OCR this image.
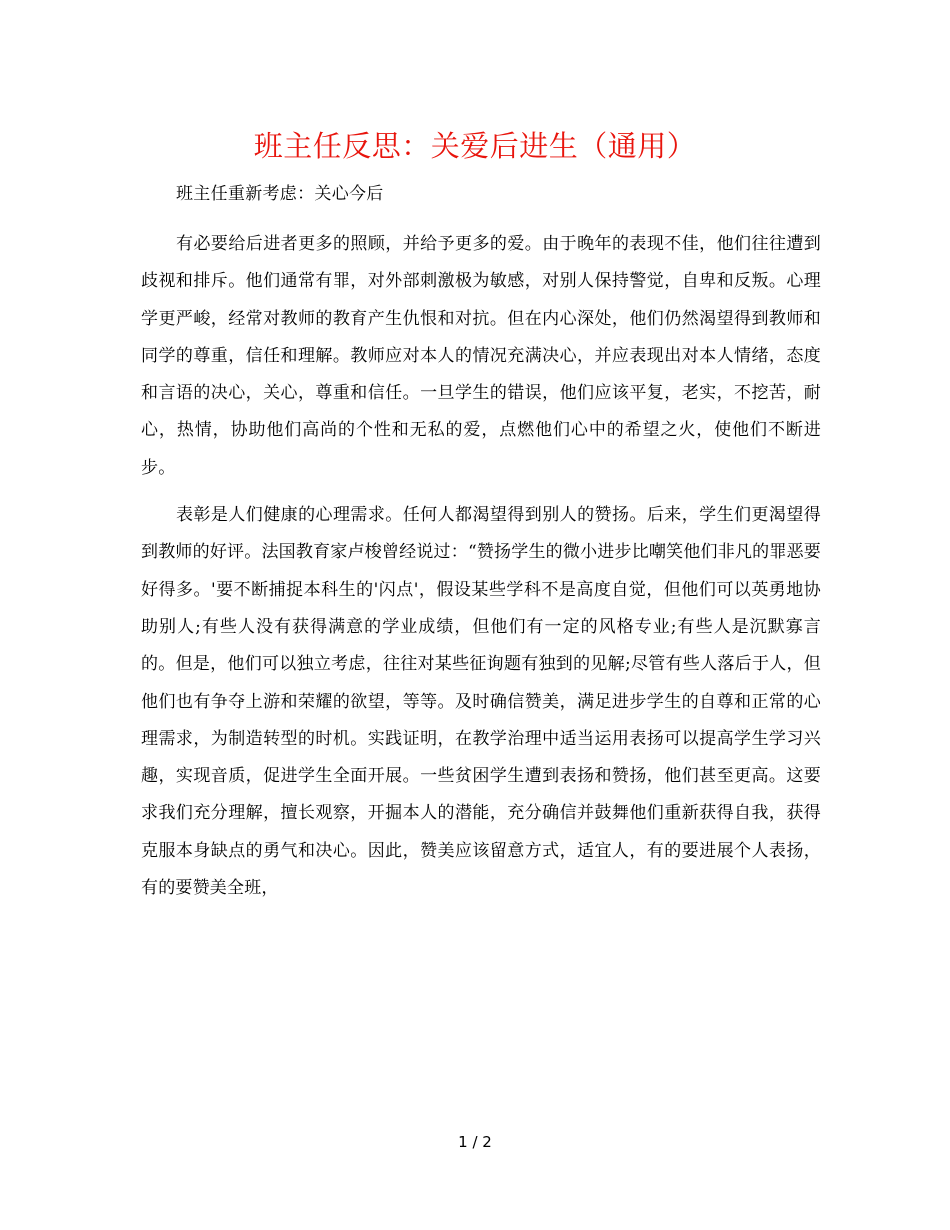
班主任反思：关爱后进生（通用）
班主任重新考虑：关心今后

有必要给后进者更多的照顾，并给予更多的爱。由于晚年的表现不佳，他们往往遭到歧视和排斥。他们通常有罪，对外部刺激极为敏感，对别人保持警觉，自卑和反叛。心理学更严峻，经常对教师的教育产生仇恨和对抗。但在内心深处，他们仍然渴望得到教师和同学的尊重，信任和理解。教师应对本人的情况充满决心，并应表现出对本人情绪，态度和言语的决心，关心，尊重和信任。一旦学生的错误，他们应该平复，老实，不挖苦，耐心，热情，协助他们高尚的个性和无私的爱，点燃他们心中的希望之火，使他们不断进步。

表彰是人们健康的心理需求。任何人都渴望得到别人的赞扬。后来，学生们更渴望得到教师的好评。法国教育家卢梭曾经说过：“赞扬学生的微小进步比嘲笑他们非凡的罪恶要好得多。'要不断捕捉本科生的'闪点'，假设某些学科不是高度自觉，但他们可以英勇地协助别人;有些人没有获得满意的学业成绩，但他们有一定的风格专业;有些人是沉默寡言的。但是，他们可以独立考虑，往往对某些征询题有独到的见解;尽管有些人落后于人，但他们也有争夺上游和荣耀的欲望，等等。及时确信赞美，满足进步学生的自尊和正常的心理需求，为制造转型的时机。实践证明，在教学治理中适当运用表扬可以提高学生学习兴趣，实现音质，促进学生全面开展。一些贫困学生遭到表扬和赞扬，他们甚至更高。这要求我们充分理解，擅长观察，开掘本人的潜能，充分确信并鼓舞他们重新获得自我，获得克服本身缺点的勇气和决心。因此，赞美应该留意方式，适宜人，有的要进展个人表扬，有的要赞美全班，

1 / 2
